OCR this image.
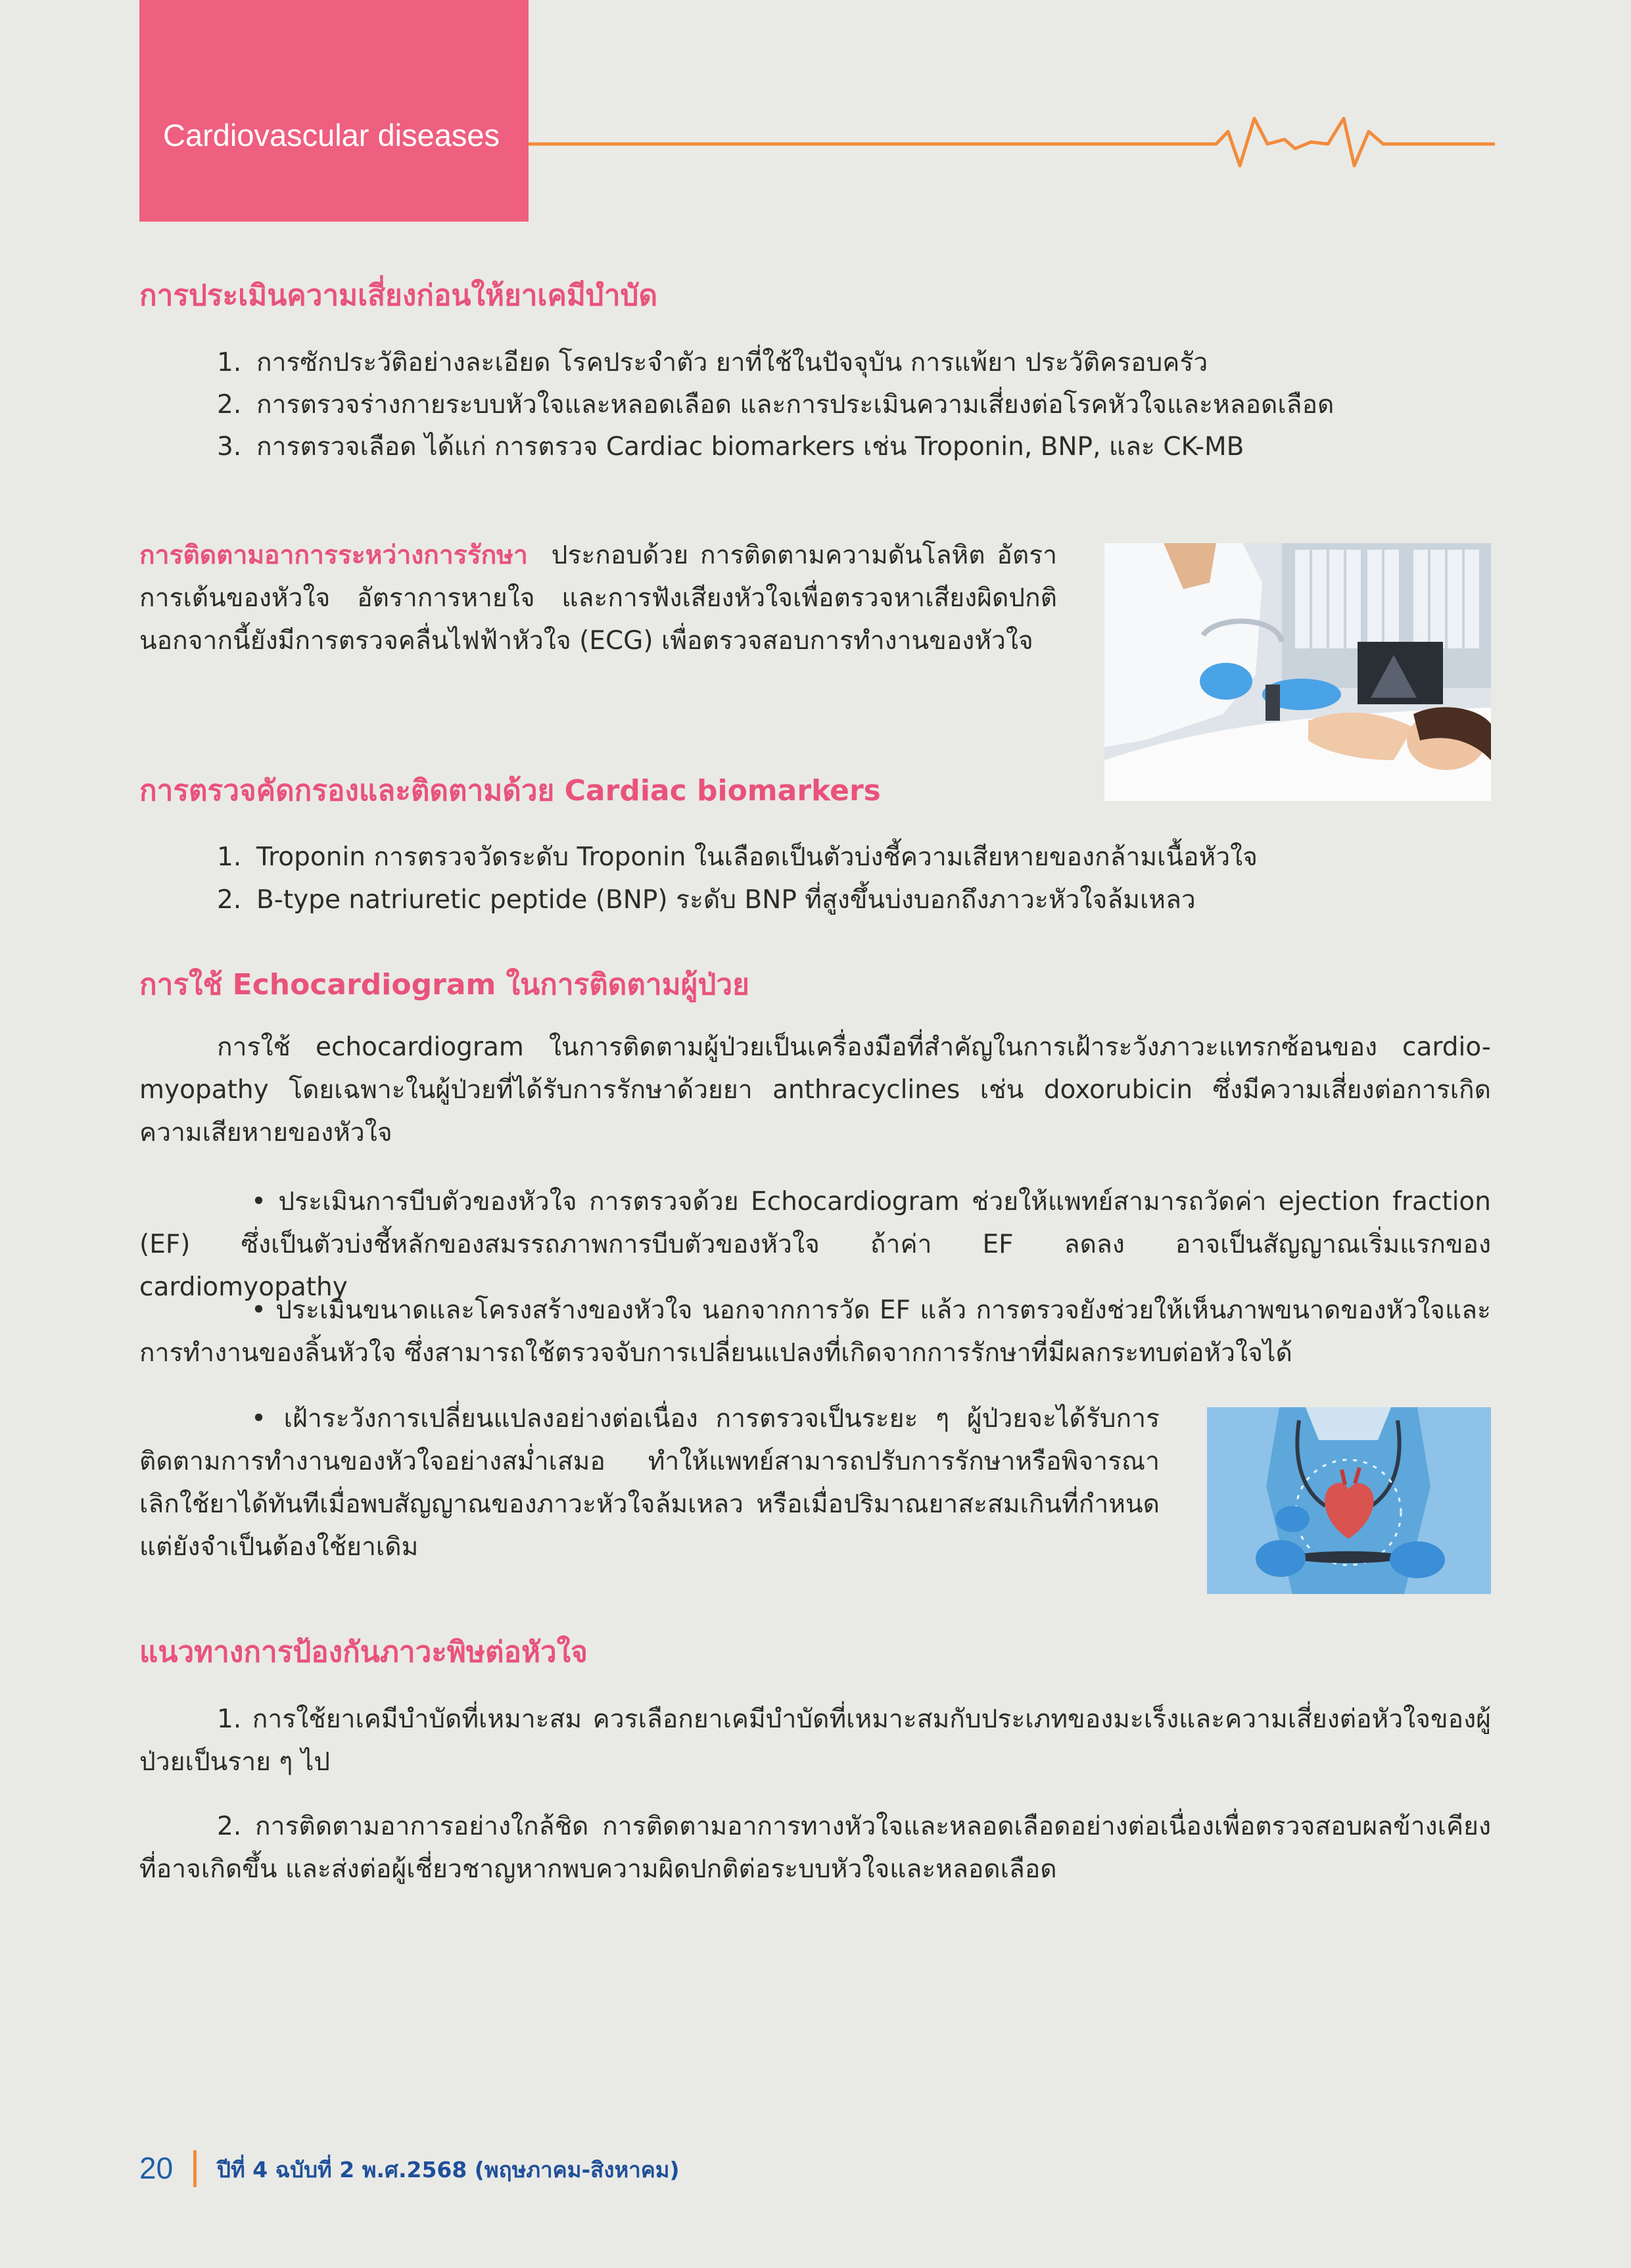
Cardiovascular diseases
การประเมินความเสี่ยงก่อนให้ยาเคมีบำบัด
1. การซักประวัติอย่างละเอียด โรคประจำตัว ยาที่ใช้ในปัจจุบัน การแพ้ยา ประวัติครอบครัว
2. การตรวจร่างกายระบบหัวใจและหลอดเลือด และการประเมินความเสี่ยงต่อโรคหัวใจและหลอดเลือด
3. การตรวจเลือด ได้แก่ การตรวจ Cardiac biomarkers เช่น Troponin, BNP, และ CK-MB
การติดตามอาการระหว่างการรักษา ประกอบด้วย การติดตามความดันโลหิต อัตราการเต้นของหัวใจ อัตราการหายใจ และการฟังเสียงหัวใจเพื่อตรวจหาเสียงผิดปกติ นอกจากนี้ยังมีการตรวจคลื่นไฟฟ้าหัวใจ (ECG) เพื่อตรวจสอบการทำงานของหัวใจ
การตรวจคัดกรองและติดตามด้วย Cardiac biomarkers
1. Troponin การตรวจวัดระดับ Troponin ในเลือดเป็นตัวบ่งชี้ความเสียหายของกล้ามเนื้อหัวใจ
2. B-type natriuretic peptide (BNP) ระดับ BNP ที่สูงขึ้นบ่งบอกถึงภาวะหัวใจล้มเหลว
การใช้ Echocardiogram ในการติดตามผู้ป่วย
การใช้ echocardiogram ในการติดตามผู้ป่วยเป็นเครื่องมือที่สำคัญในการเฝ้าระวังภาวะแทรกซ้อนของ cardio-myopathy โดยเฉพาะในผู้ป่วยที่ได้รับการรักษาด้วยยา anthracyclines เช่น doxorubicin ซึ่งมีความเสี่ยงต่อการเกิดความเสียหายของหัวใจ
• ประเมินการบีบตัวของหัวใจ การตรวจด้วย Echocardiogram ช่วยให้แพทย์สามารถวัดค่า ejection fraction (EF) ซึ่งเป็นตัวบ่งชี้หลักของสมรรถภาพการบีบตัวของหัวใจ ถ้าค่า EF ลดลง อาจเป็นสัญญาณเริ่มแรกของ cardiomyopathy
• ประเมินขนาดและโครงสร้างของหัวใจ นอกจากการวัด EF แล้ว การตรวจยังช่วยให้เห็นภาพขนาดของหัวใจและการทำงานของลิ้นหัวใจ ซึ่งสามารถใช้ตรวจจับการเปลี่ยนแปลงที่เกิดจากการรักษาที่มีผลกระทบต่อหัวใจได้
• เฝ้าระวังการเปลี่ยนแปลงอย่างต่อเนื่อง การตรวจเป็นระยะ ๆ ผู้ป่วยจะได้รับการติดตามการทำงานของหัวใจอย่างสม่ำเสมอ ทำให้แพทย์สามารถปรับการรักษาหรือพิจารณาเลิกใช้ยาได้ทันทีเมื่อพบสัญญาณของภาวะหัวใจล้มเหลว หรือเมื่อปริมาณยาสะสมเกินที่กำหนดแต่ยังจำเป็นต้องใช้ยาเดิม
แนวทางการป้องกันภาวะพิษต่อหัวใจ
1. การใช้ยาเคมีบำบัดที่เหมาะสม ควรเลือกยาเคมีบำบัดที่เหมาะสมกับประเภทของมะเร็งและความเสี่ยงต่อหัวใจของผู้ป่วยเป็นราย ๆ ไป
2. การติดตามอาการอย่างใกล้ชิด การติดตามอาการทางหัวใจและหลอดเลือดอย่างต่อเนื่องเพื่อตรวจสอบผลข้างเคียงที่อาจเกิดขึ้น และส่งต่อผู้เชี่ยวชาญหากพบความผิดปกติต่อระบบหัวใจและหลอดเลือด
20 ปีที่ 4 ฉบับที่ 2 พ.ศ.2568 (พฤษภาคม-สิงหาคม)
